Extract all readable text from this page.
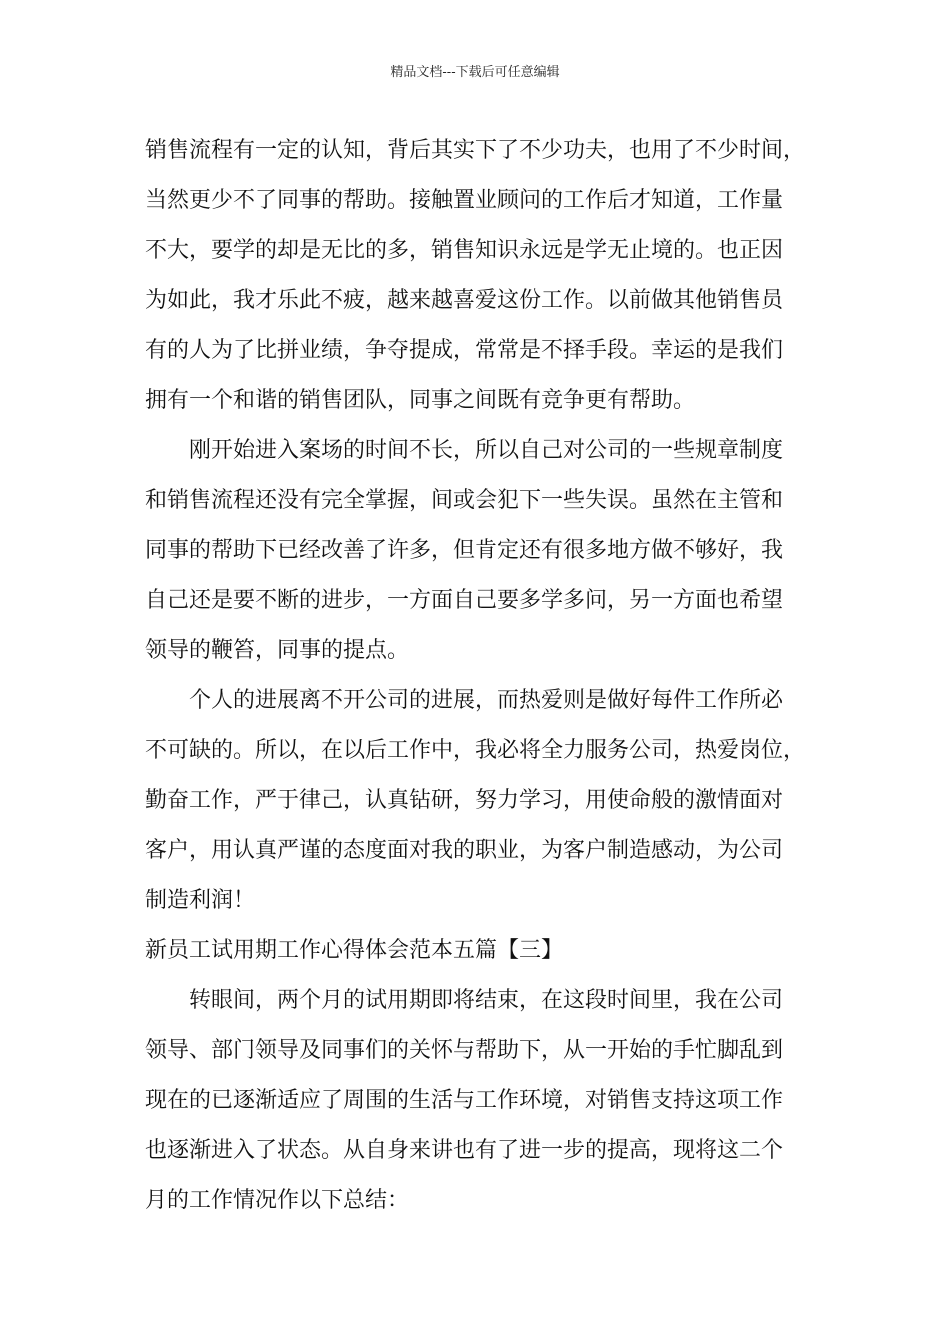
精品文档---下载后可任意编辑
销售流程有一定的认知，背后其实下了不少功夫，也用了不少时间，
当然更少不了同事的帮助。接触置业顾问的工作后才知道，工作量
不大，要学的却是无比的多，销售知识永远是学无止境的。也正因
为如此，我才乐此不疲，越来越喜爱这份工作。以前做其他销售员
有的人为了比拼业绩，争夺提成，常常是不择手段。幸运的是我们
拥有一个和谐的销售团队，同事之间既有竞争更有帮助。
刚开始进入案场的时间不长，所以自己对公司的一些规章制度
和销售流程还没有完全掌握，间或会犯下一些失误。虽然在主管和
同事的帮助下已经改善了许多，但肯定还有很多地方做不够好，我
自己还是要不断的进步，一方面自己要多学多问，另一方面也希望
领导的鞭笞，同事的提点。
个人的进展离不开公司的进展，而热爱则是做好每件工作所必
不可缺的。所以，在以后工作中，我必将全力服务公司，热爱岗位，
勤奋工作，严于律己，认真钻研，努力学习，用使命般的激情面对
客户，用认真严谨的态度面对我的职业，为客户制造感动，为公司
制造利润！
新员工试用期工作心得体会范本五篇【三】
转眼间，两个月的试用期即将结束，在这段时间里，我在公司
领导、部门领导及同事们的关怀与帮助下，从一开始的手忙脚乱到
现在的已逐渐适应了周围的生活与工作环境，对销售支持这项工作
也逐渐进入了状态。从自身来讲也有了进一步的提高，现将这二个
月的工作情况作以下总结：
